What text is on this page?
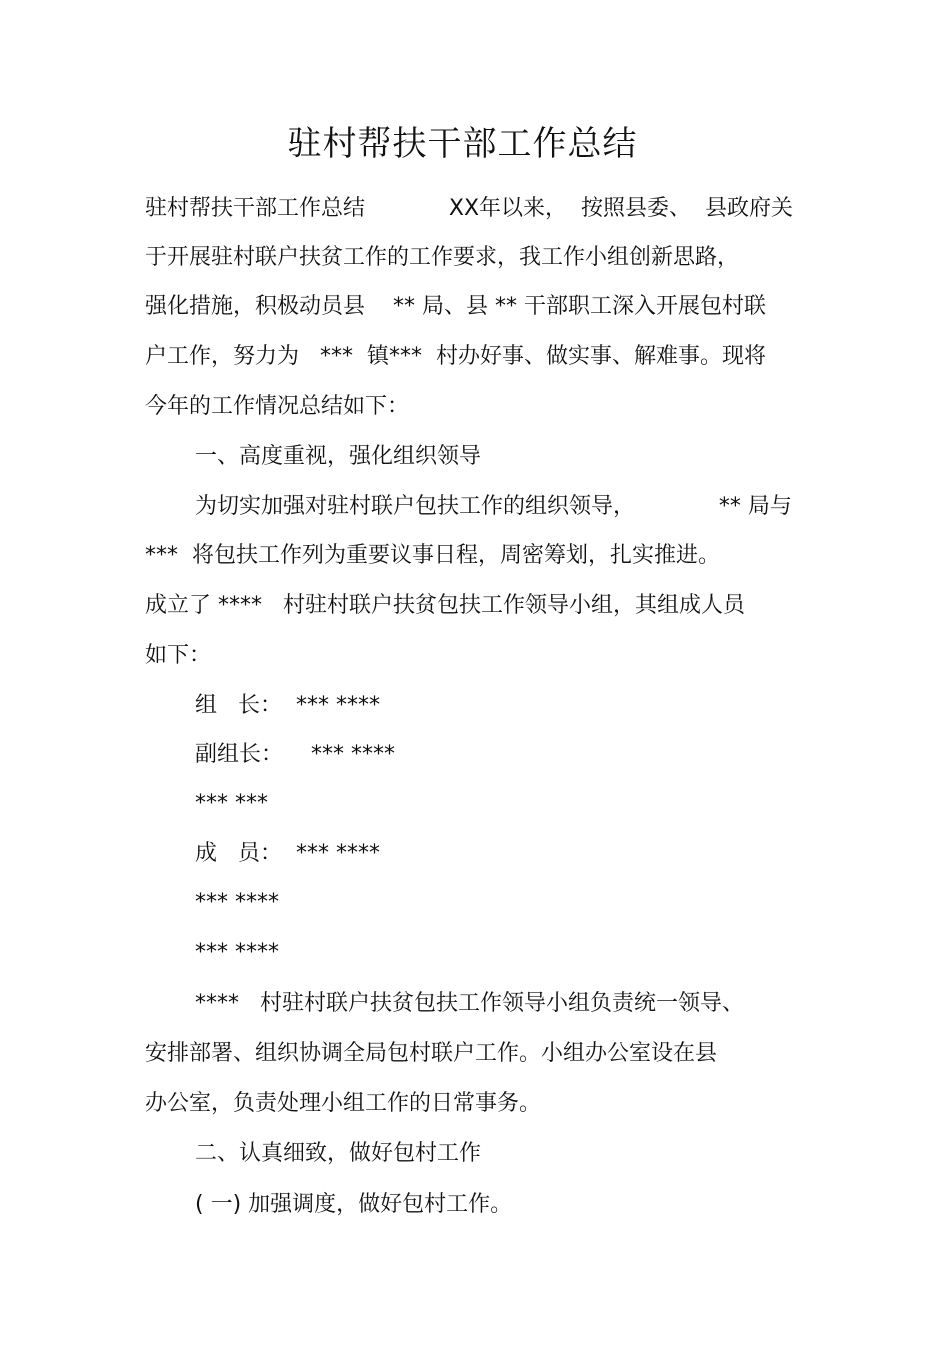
驻村帮扶干部工作总结
驻村帮扶干部工作总结            XX年以来，  按照县委、  县政府关
于开展驻村联户扶贫工作的工作要求，我工作小组创新思路，
强化措施，积极动员县    ** 局、县 ** 干部职工深入开展包村联
户工作，努力为   ***  镇***  村办好事、做实事、解难事。现将
今年的工作情况总结如下：
一、高度重视，强化组织领导
为切实加强对驻村联户包扶工作的组织领导，            ** 局与
***  将包扶工作列为重要议事日程，周密筹划，扎实推进。
成立了 ****   村驻村联户扶贫包扶工作领导小组，其组成人员
如下：
组   长：  *** ****
副组长：    *** ****
*** ***
成   员：  *** ****
*** ****
*** ****
****   村驻村联户扶贫包扶工作领导小组负责统一领导、
安排部署、组织协调全局包村联户工作。小组办公室设在县
办公室，负责处理小组工作的日常事务。
二、认真细致，做好包村工作
( 一) 加强调度，做好包村工作。
